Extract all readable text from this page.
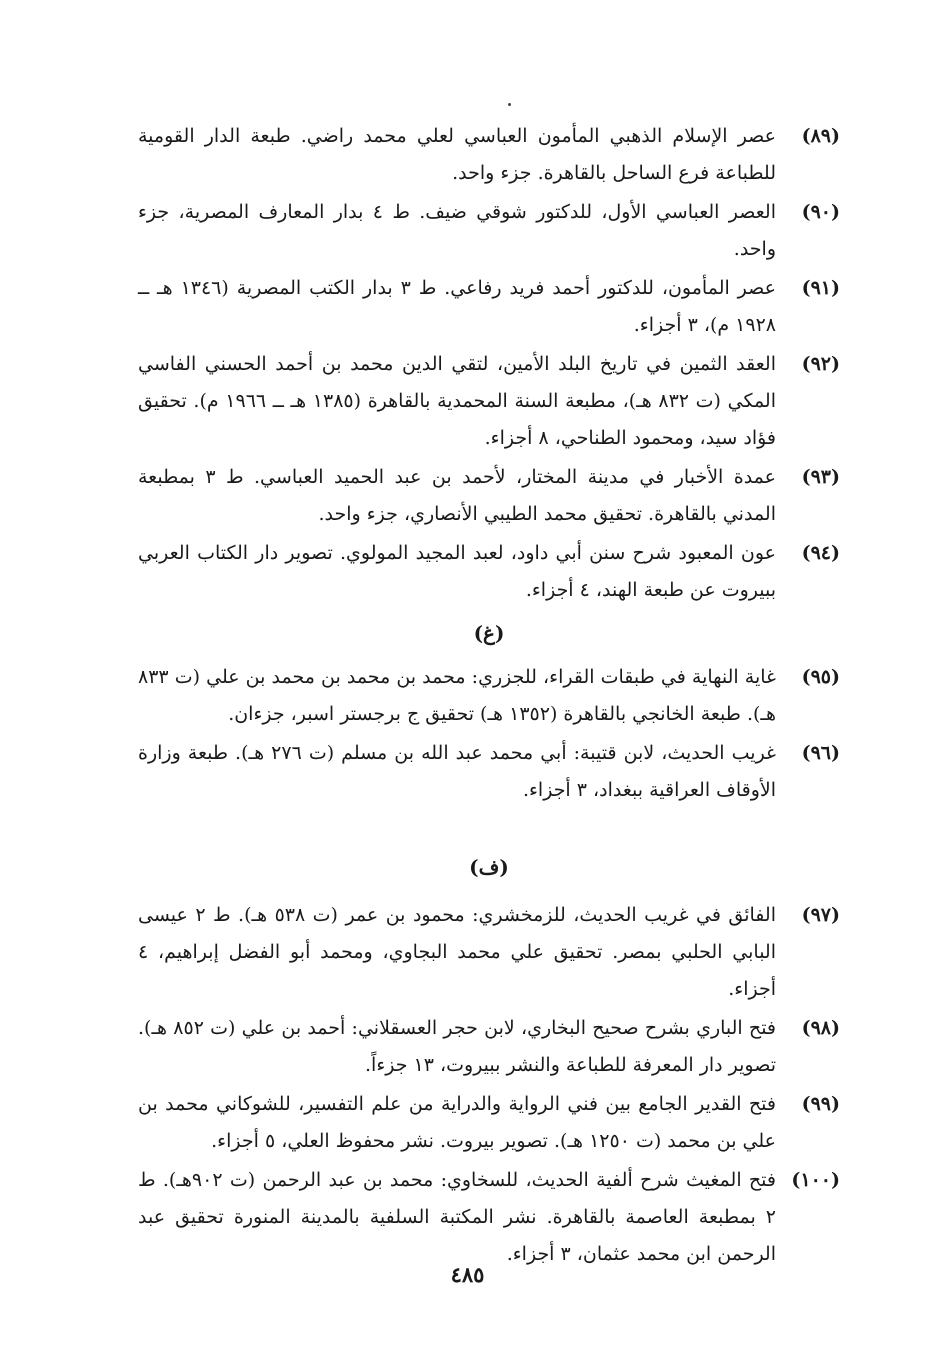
(٨٩)
عصر الإسلام الذهبي المأمون العباسي لعلي محمد راضي. طبعة الدار القومية للطباعة فرع الساحل بالقاهرة. جزء واحد.
(٩٠)
العصر العباسي الأول، للدكتور شوقي ضيف. ط ٤ بدار المعارف المصرية، جزء واحد.
(٩١)
عصر المأمون، للدكتور أحمد فريد رفاعي. ط ٣ بدار الكتب المصرية (١٣٤٦ هـ ــ ١٩٢٨ م)، ٣ أجزاء.
(٩٢)
العقد الثمين في تاريخ البلد الأمين، لتقي الدين محمد بن أحمد الحسني الفاسي المكي (ت ٨٣٢ هـ)، مطبعة السنة المحمدية بالقاهرة (١٣٨٥ هـ ــ ١٩٦٦ م). تحقيق فؤاد سيد، ومحمود الطناحي، ٨ أجزاء.
(٩٣)
عمدة الأخبار في مدينة المختار، لأحمد بن عبد الحميد العباسي. ط ٣ بمطبعة المدني بالقاهرة. تحقيق محمد الطيبي الأنصاري، جزء واحد.
(٩٤)
عون المعبود شرح سنن أبي داود، لعبد المجيد المولوي. تصوير دار الكتاب العربي ببيروت عن طبعة الهند، ٤ أجزاء.
(غ)
(٩٥)
غاية النهاية في طبقات القراء، للجزري: محمد بن محمد بن محمد بن علي (ت ٨٣٣ هـ). طبعة الخانجي بالقاهرة (١٣٥٢ هـ) تحقيق ج برجستر اسبر، جزءان.
(٩٦)
غريب الحديث، لابن قتيبة: أبي محمد عبد الله بن مسلم (ت ٢٧٦ هـ). طبعة وزارة الأوقاف العراقية ببغداد، ٣ أجزاء.
(ف)
(٩٧)
الفائق في غريب الحديث، للزمخشري: محمود بن عمر (ت ٥٣٨ هـ). ط ٢ عيسى البابي الحلبي بمصر. تحقيق علي محمد البجاوي، ومحمد أبو الفضل إبراهيم، ٤ أجزاء.
(٩٨)
فتح الباري بشرح صحيح البخاري، لابن حجر العسقلاني: أحمد بن علي (ت ٨٥٢ هـ). تصوير دار المعرفة للطباعة والنشر ببيروت، ١٣ جزءاً.
(٩٩)
فتح القدير الجامع بين فني الرواية والدراية من علم التفسير، للشوكاني محمد بن علي بن محمد (ت ١٢٥٠ هـ). تصوير بيروت. نشر محفوظ العلي، ٥ أجزاء.
(١٠٠)
فتح المغيث شرح ألفية الحديث، للسخاوي: محمد بن عبد الرحمن (ت ٩٠٢هـ). ط ٢ بمطبعة العاصمة بالقاهرة. نشر المكتبة السلفية بالمدينة المنورة تحقيق عبد الرحمن ابن محمد عثمان، ٣ أجزاء.
٤٨٥
